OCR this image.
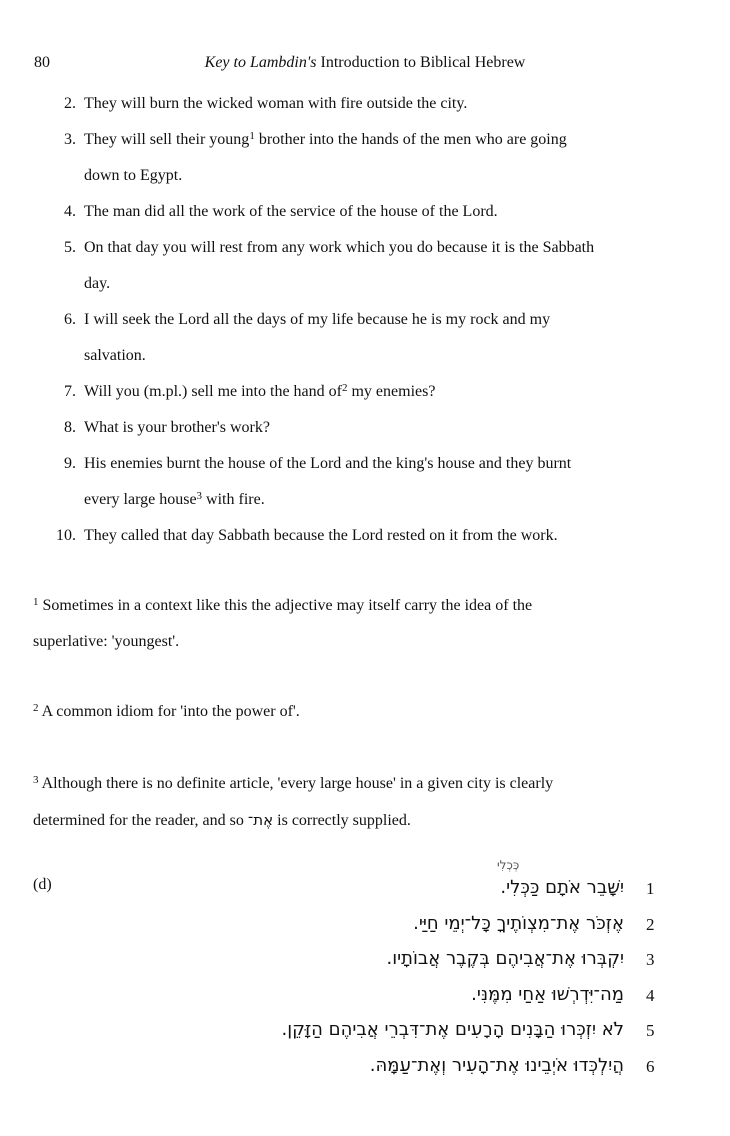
80	Key to Lambdin's Introduction to Biblical Hebrew
2. They will burn the wicked woman with fire outside the city.
3. They will sell their young$^1$ brother into the hands of the men who are going
down to Egypt.
4. The man did all the work of the service of the house of the Lord.
5. On that day you will rest from any work which you do because it is the Sabbath
day.
6. I will seek the Lord all the days of my life because he is my rock and my
salvation.
7. Will you (m.pl.) sell me into the hand $of^2$ my enemies?
8. What is your brother's work?
9. His enemies burnt the house of the Lord and the king's house and they burnt
every large house$^3$ with fire.
10. They called that day Sabbath because the Lord rested on it from the work.
$^1$ Sometimes in a context like this the adjective may itself carry the idea of the
superlative: 'youngest'.
$^2$ A common idiom for 'into the power of'.
$^3$ Although there is no definite article, 'every large house' in a given city is clearly
determined for the reader, and so אֶת־ is correctly supplied.
(d)
כְּכְלִי
1
יִשָּׁבֵר אֹתָם כַּכְּלִי.
2
אֶזְכֹּר אֶת־מִצְוֺתֶיךָ כָּל־יְמֵי חַיַּי.
3
יִקְבְּרוּ אֶת־אֲבִיהֶם בְּקֶבֶר אֲבוֹתָיו.
4
מַה־יִּדְרְשׁוּ אַחַי מִמֶּנִּי.
5
לֹא יִזְכְּרוּ הַבָּנִים הָרָעִים אֶת־דִּבְרֵי אֲבִיהֶם הַזָּקֵן.
6
הֲיִלְכְּדוּ אֹיְבֵינוּ אֶת־הָעִיר וְאֶת־עַמָּהּ.
